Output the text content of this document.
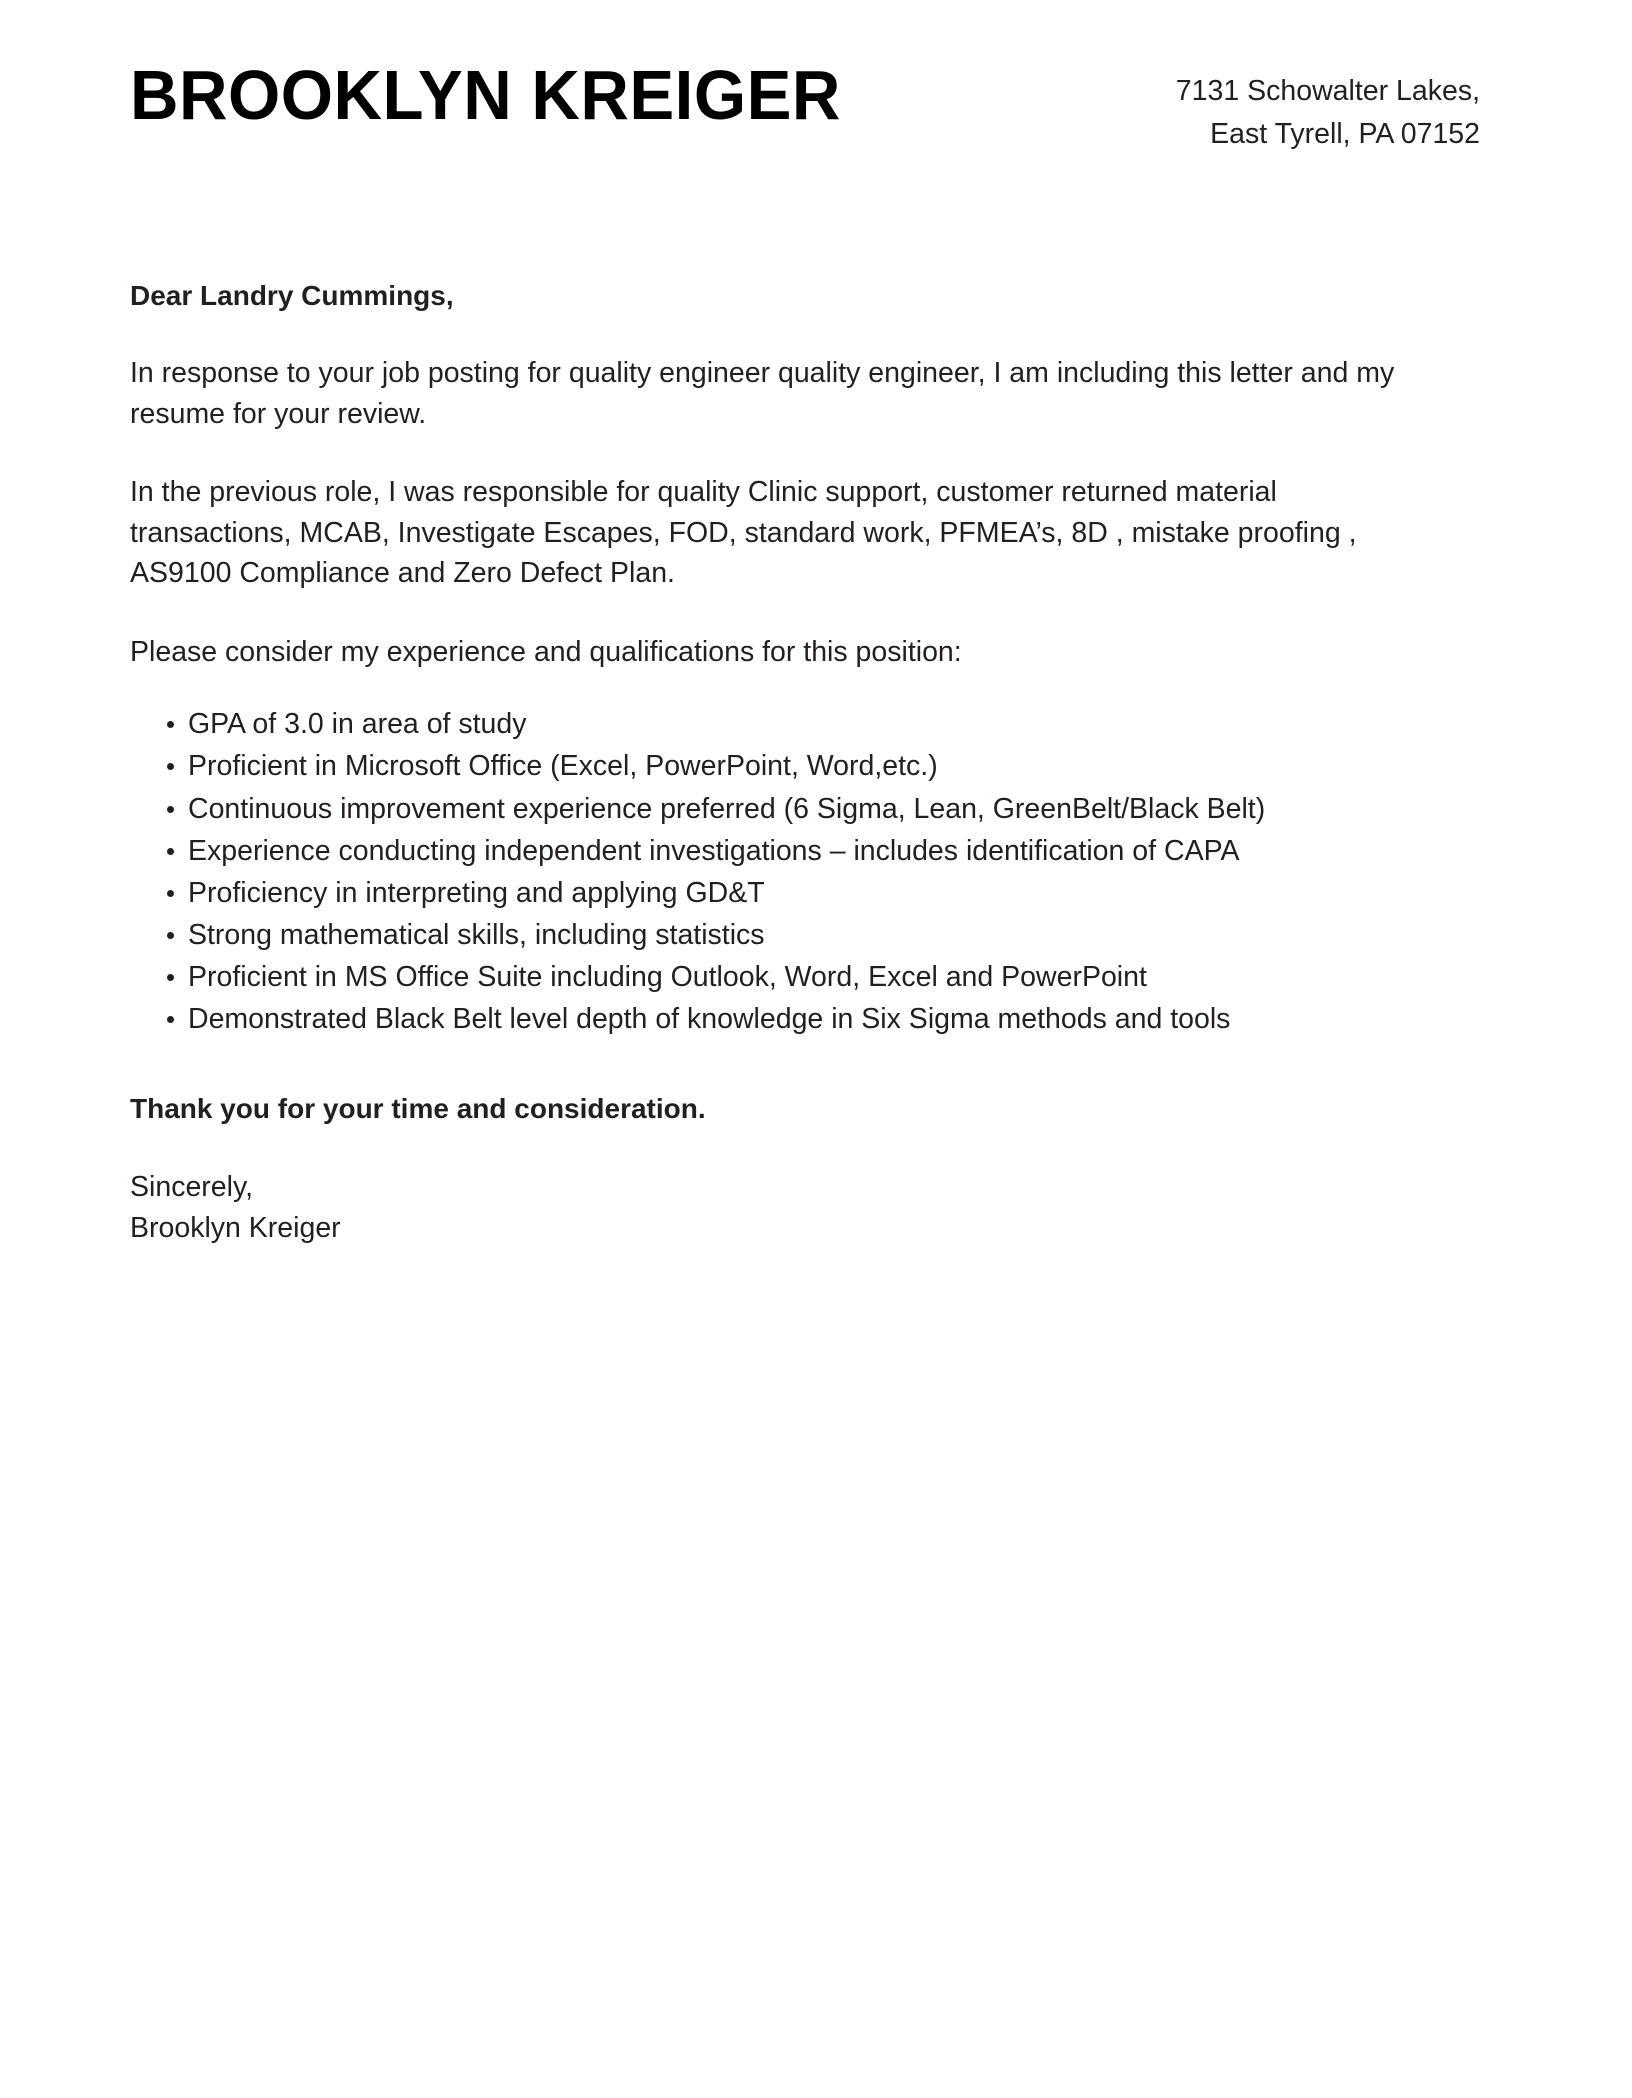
BROOKLYN KREIGER	7131 Schowalter Lakes,
East Tyrell, PA 07152

Dear Landry Cummings,

In response to your job posting for quality engineer quality engineer, I am including this letter and my resume for your review.

In the previous role, I was responsible for quality Clinic support, customer returned material transactions, MCAB, Investigate Escapes, FOD, standard work, PFMEA’s, 8D , mistake proofing , AS9100 Compliance and Zero Defect Plan.

Please consider my experience and qualifications for this position:

GPA of 3.0 in area of study
Proficient in Microsoft Office (Excel, PowerPoint, Word,etc.)
Continuous improvement experience preferred (6 Sigma, Lean, GreenBelt/Black Belt)
Experience conducting independent investigations – includes identification of CAPA
Proficiency in interpreting and applying GD&T
Strong mathematical skills, including statistics
Proficient in MS Office Suite including Outlook, Word, Excel and PowerPoint
Demonstrated Black Belt level depth of knowledge in Six Sigma methods and tools

Thank you for your time and consideration.

Sincerely,
Brooklyn Kreiger
